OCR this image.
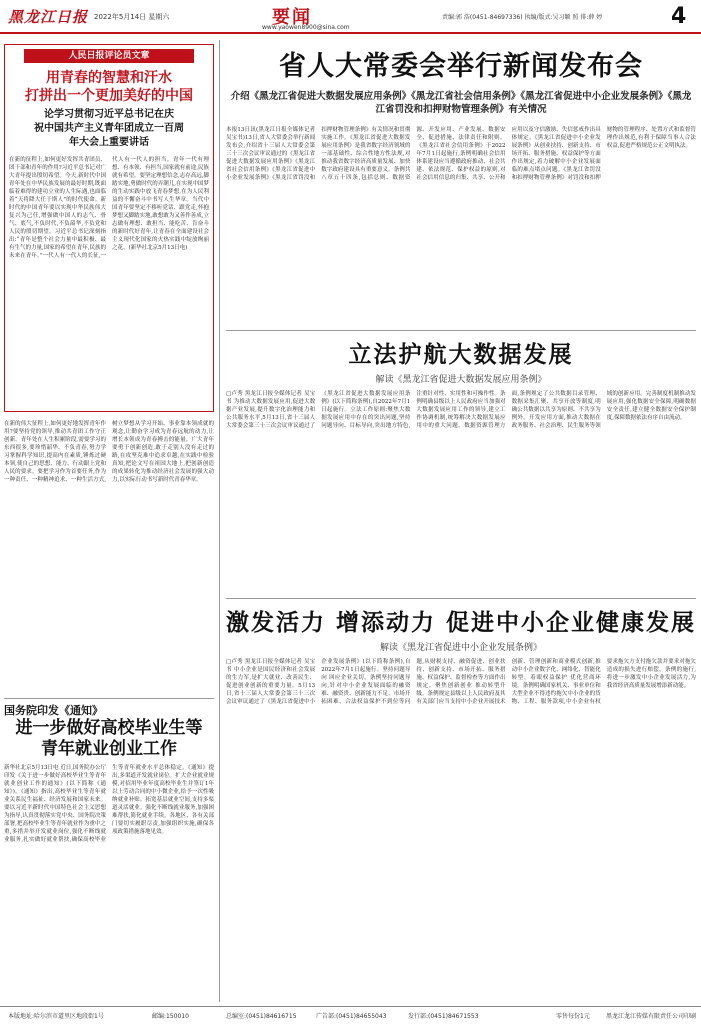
黑龙江日报 2022年5月14日 星期六	要闻
www.yaowen8900@sina.com
责编:郭 浩(0451-84697336) 执编/版式:吴习颖 照 排:薛 婷	4
人民日报评论员文章
用青春的智慧和汗水
打拼出一个更加美好的中国
论学习贯彻习近平总书记在庆
祝中国共产主义青年团成立一百周
年大会上重要讲话
在新的征程上,如何更好发挥共青团员、团干部和青年的作用?习近平总书记对广大青年提出殷切希望。今天,新时代中国青年处在中华民族发展的最好时期,既面临着难得的建功立业的人生际遇,也面临着“天将降大任于斯人”的时代使命。新时代的中国青年要以实现中华民族伟大复兴为己任,增强做中国人的志气、骨气、底气,不负时代,不负韶华,不负党和人民的殷切期望。习近平总书记深刻指出:“青年是整个社会力量中最积极、最有生气的力量,国家的希望在青年,民族的未来在青年。”一代人有一代人的长征,一代人有一代人的担当。青年一代有理想、有本领、有担当,国家就有前途,民族就有希望。要坚定理想信念,志存高远,脚踏实地,勇做时代的弄潮儿,在实现中国梦的生动实践中放飞青春梦想,在为人民利益的不懈奋斗中书写人生华章。当代中国青年要坚定不移听党话、跟党走,怀抱梦想又脚踏实地,敢想敢为又善作善成,立志做有理想、敢担当、能吃苦、肯奋斗的新时代好青年,让青春在全面建设社会主义现代化国家的火热实践中绽放绚丽之花。(新华社北京5月13日电)
在新的伟大征程上,如何更好地发挥青年作用?要坚持党的领导,推动共青团工作守正创新。青年处在人生积累阶段,需要学习的东西很多,要珍惜韶华、不负青春,努力学习掌握科学知识,提高内在素质,锤炼过硬本领,使自己的思想、能力、行动跟上党和人民的要求。要把学习作为首要任务,作为一种责任、一种精神追求、一种生活方式,树立梦想从学习开始、事业靠本领成就的观念,让勤奋学习成为青春远航的动力,让增长本领成为青春搏击的能量。广大青年要勇于创新创造,敢于走别人没有走过的路,在攻坚克难中追求卓越,在实践中检验真知,把论文写在祖国大地上,把创新创造的成果转化为推动经济社会发展的强大动力,以实际行动书写新时代青春华章。
国务院印发《通知》
进一步做好高校毕业生等
青年就业创业工作
新华社北京5月13日电 近日,国务院办公厅印发《关于进一步做好高校毕业生等青年就业创业工作的通知》(以下简称《通知》)。《通知》指出,高校毕业生等青年就业关系民生福祉、经济发展和国家未来。要以习近平新时代中国特色社会主义思想为指导,认真贯彻落实党中央、国务院决策部署,把高校毕业生等青年就业作为重中之重,多措并举开发就业岗位,强化不断线就业服务,扎实做好就业帮扶,确保高校毕业生等青年就业水平总体稳定。《通知》提出,多渠道开发就业岗位。扩大企业就业规模,对招用毕业年度高校毕业生并签订1年以上劳动合同的中小微企业,给予一次性吸纳就业补贴。拓宽基层就业空间,支持多渠道灵活就业。强化不断线就业服务,加强困难帮扶,简化就业手续。各地区、各有关部门要切实履职尽责,加强组织实施,确保各项政策措施落地见效。
省人大常委会举行新闻发布会
介绍《黑龙江省促进大数据发展应用条例》《黑龙江省社会信用条例》《黑龙江省促进中小企业发展条例》《黑龙江省罚没和扣押财物管理条例》有关情况
本报13日讯(黑龙江日报全媒体记者吴宝书)13日,省人大常委会举行新闻发布会,介绍省十三届人大常委会第三十三次会议审议通过的《黑龙江省促进大数据发展应用条例》《黑龙江省社会信用条例》《黑龙江省促进中小企业发展条例》《黑龙江省罚没和扣押财物管理条例》有关情况和贯彻实施工作。《黑龙江省促进大数据发展应用条例》是我省数字经济领域的一部基础性、综合性地方性法规,对推动我省数字经济高质量发展、加快数字政府建设具有重要意义。条例共八章五十四条,包括总则、数据资源、开发应用、产业发展、数据安全、促进措施、法律责任和附则。《黑龙江省社会信用条例》于2022年7月1日起施行,条例明确社会信用体系建设应当遵循政府推动、社会共建、依法规范、保护权益的原则,对社会信用信息的归集、共享、公开和应用以及守信激励、失信惩戒作出具体规定。《黑龙江省促进中小企业发展条例》从创业扶持、创新支持、市场开拓、服务措施、权益保护等方面作出规定,着力破解中小企业发展面临的难点堵点问题。《黑龙江省罚没和扣押财物管理条例》对罚没和扣押财物的管理程序、处置方式和监督管理作出规范,有利于保障当事人合法权益,促进严格规范公正文明执法。
立法护航大数据发展
解读《黑龙江省促进大数据发展应用条例》
□卢秀 黑龙江日报全媒体记者 吴宝书 为推动大数据发展应用,促进大数据产业发展,提升数字化治理能力和公共服务水平,5月13日,省十三届人大常委会第三十三次会议审议通过了《黑龙江省促进大数据发展应用条例》(以下简称条例),自2022年7月1日起施行。立法工作原则:聚焦大数据发展应用中存在的突出问题,坚持问题导向、目标导向,突出地方特色,注重针对性、实用性和可操作性。条例明确县级以上人民政府应当加强对大数据发展应用工作的领导,建立工作协调机制,统筹解决大数据发展应用中的重大问题。数据资源管理方面,条例规定了公共数据目录管理、数据采集汇聚、共享开放等制度,明确公共数据以共享为原则、不共享为例外。开发应用方面,推动大数据在政务服务、社会治理、民生服务等领域的创新应用。完善制度机制推动发展应用,强化数据安全保障,明确数据安全责任,建立健全数据安全保护制度,保障数据依法有序自由流动。
激发活力 增添动力 促进中小企业健康发展
解读《黑龙江省促进中小企业发展条例》
□卢秀 黑龙江日报全媒体记者 吴宝书 中小企业是国民经济和社会发展的生力军,是扩大就业、改善民生、促进创业创新的重要力量。5月13日,省十三届人大常委会第三十三次会议审议通过了《黑龙江省促进中小企业发展条例》(以下简称条例),自2022年7月1日起施行。坚持问题导向 回应企业关切。条例坚持问题导向,针对中小企业发展面临的融资难、融资贵、创新能力不足、市场开拓困难、合法权益保护不到位等问题,从财税支持、融资促进、创业扶持、创新支持、市场开拓、服务措施、权益保护、监督检查等方面作出规定。聚焦创新创业 推动转型升级。条例规定县级以上人民政府及其有关部门应当支持中小企业开展技术创新、管理创新和商业模式创新,推动中小企业数字化、网络化、智能化转型。着眼权益保护 优化营商环境。条例明确国家机关、事业单位和大型企业不得违约拖欠中小企业的货物、工程、服务款项,中小企业有权要求拖欠方支付拖欠款并要求对拖欠造成的损失进行赔偿。条例的施行,将进一步激发中小企业发展活力,为我省经济高质量发展增添新动能。
本版地址:哈尔滨市道里区地段街1号	邮编:150010	总编室:(0451)84616715	广告部:(0451)84655043	发行部:(0451)84671553	零售每份1元	黑龙江龙江传媒有限责任公司印刷
